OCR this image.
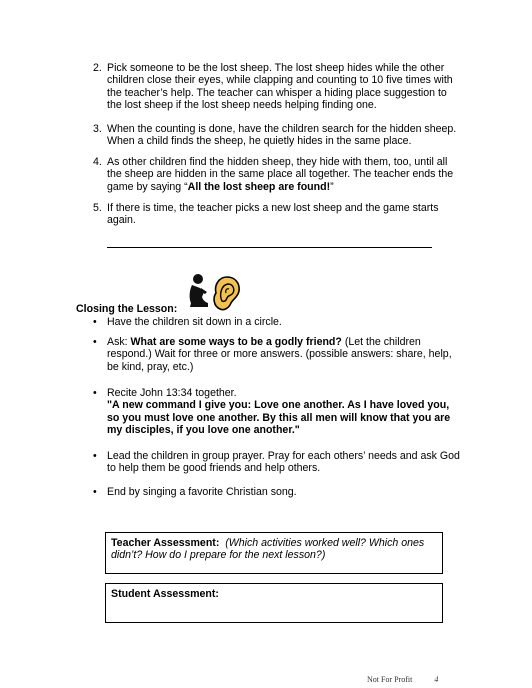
2. Pick someone to be the lost sheep. The lost sheep hides while the other children close their eyes, while clapping and counting to 10 five times with the teacher’s help. The teacher can whisper a hiding place suggestion to the lost sheep if the lost sheep needs helping finding one.
3. When the counting is done, have the children search for the hidden sheep. When a child finds the sheep, he quietly hides in the same place.
4. As other children find the hidden sheep, they hide with them, too, until all the sheep are hidden in the same place all together. The teacher ends the game by saying “All the lost sheep are found!”
5. If there is time, the teacher picks a new lost sheep and the game starts again.
Closing the Lesson:
• Have the children sit down in a circle.
• Ask: What are some ways to be a godly friend? (Let the children respond.) Wait for three or more answers. (possible answers: share, help, be kind, pray, etc.)
• Recite John 13:34 together.
"A new command I give you: Love one another. As I have loved you, so you must love one another. By this all men will know that you are my disciples, if you love one another."
• Lead the children in group prayer. Pray for each others’ needs and ask God to help them be good friends and help others.
• End by singing a favorite Christian song.
Teacher Assessment: (Which activities worked well? Which ones didn’t? How do I prepare for the next lesson?)
Student Assessment:
Not For Profit	4
